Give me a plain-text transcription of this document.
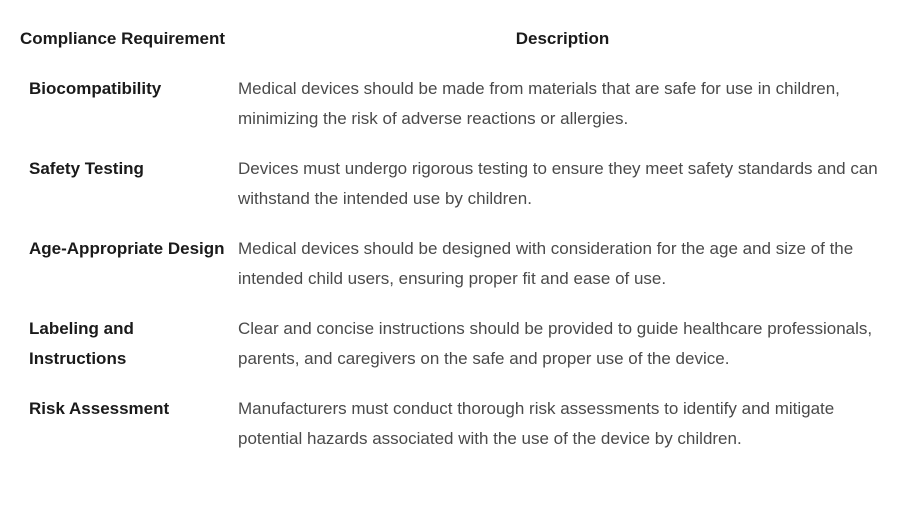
Compliance Requirement	Description
Biocompatibility	Medical devices should be made from materials that are safe for use in children, minimizing the risk of adverse reactions or allergies.
Safety Testing	Devices must undergo rigorous testing to ensure they meet safety standards and can withstand the intended use by children.
Age-Appropriate Design	Medical devices should be designed with consideration for the age and size of the intended child users, ensuring proper fit and ease of use.
Labeling and Instructions	Clear and concise instructions should be provided to guide healthcare professionals, parents, and caregivers on the safe and proper use of the device.
Risk Assessment	Manufacturers must conduct thorough risk assessments to identify and mitigate potential hazards associated with the use of the device by children.
